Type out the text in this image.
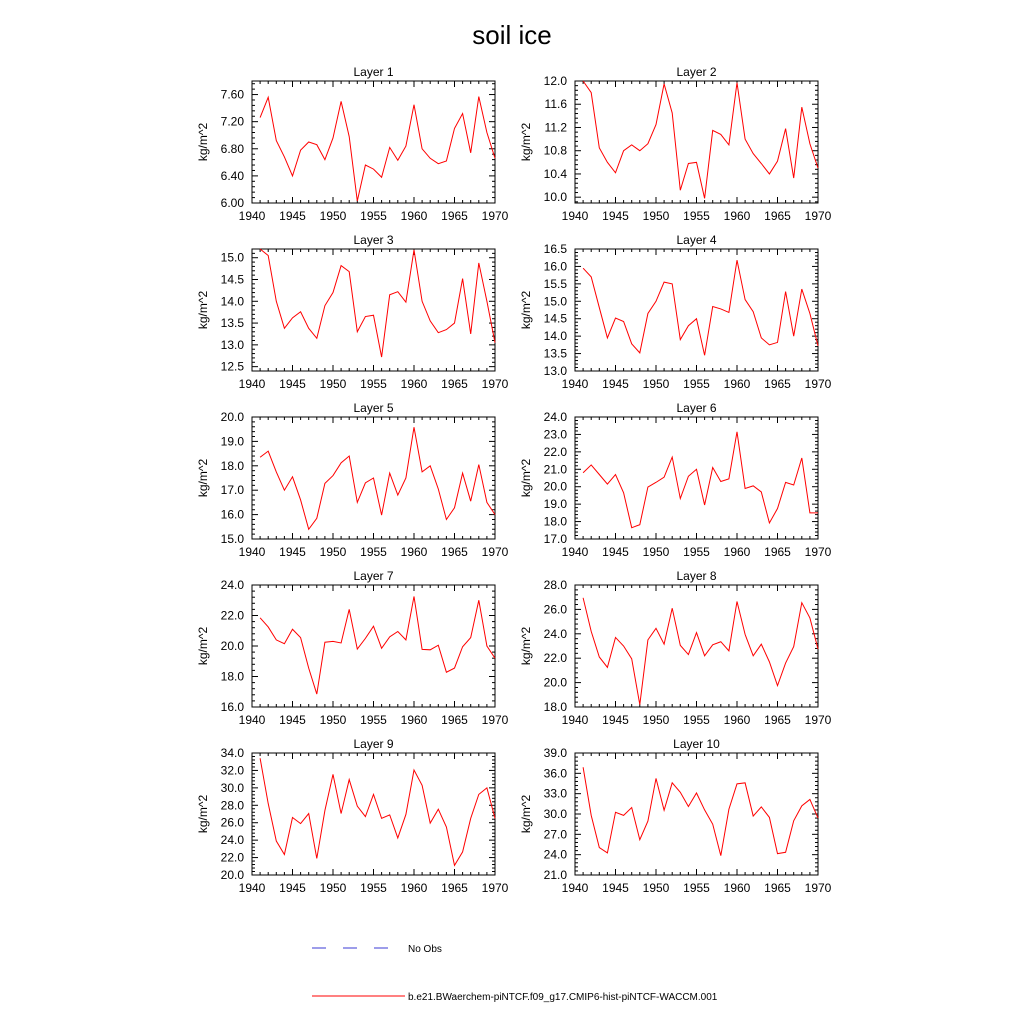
soil ice
Layer 1
kg/m^2
1940 1945 1950 1955 1960 1965 1970
6.00
6.40
6.80
7.20
7.60
Layer 2
kg/m^2
1940 1945 1950 1955 1960 1965 1970
10.0
10.4
10.8
11.2
11.6
12.0
Layer 3
kg/m^2
1940 1945 1950 1955 1960 1965 1970
12.5
13.0
13.5
14.0
14.5
15.0
Layer 4
kg/m^2
1940 1945 1950 1955 1960 1965 1970
13.0
13.5
14.0
14.5
15.0
15.5
16.0
16.5
Layer 5
kg/m^2
1940 1945 1950 1955 1960 1965 1970
15.0
16.0
17.0
18.0
19.0
20.0
Layer 6
kg/m^2
1940 1945 1950 1955 1960 1965 1970
17.0
18.0
19.0
20.0
21.0
22.0
23.0
24.0
Layer 7
kg/m^2
1940 1945 1950 1955 1960 1965 1970
16.0
18.0
20.0
22.0
24.0
Layer 8
kg/m^2
1940 1945 1950 1955 1960 1965 1970
18.0
20.0
22.0
24.0
26.0
28.0
Layer 9
kg/m^2
1940 1945 1950 1955 1960 1965 1970
20.0
22.0
24.0
26.0
28.0
30.0
32.0
34.0
Layer 10
kg/m^2
1940 1945 1950 1955 1960 1965 1970
21.0
24.0
27.0
30.0
33.0
36.0
39.0
No Obs
b.e21.BWaerchem-piNTCF.f09_g17.CMIP6-hist-piNTCF-WACCM.001
